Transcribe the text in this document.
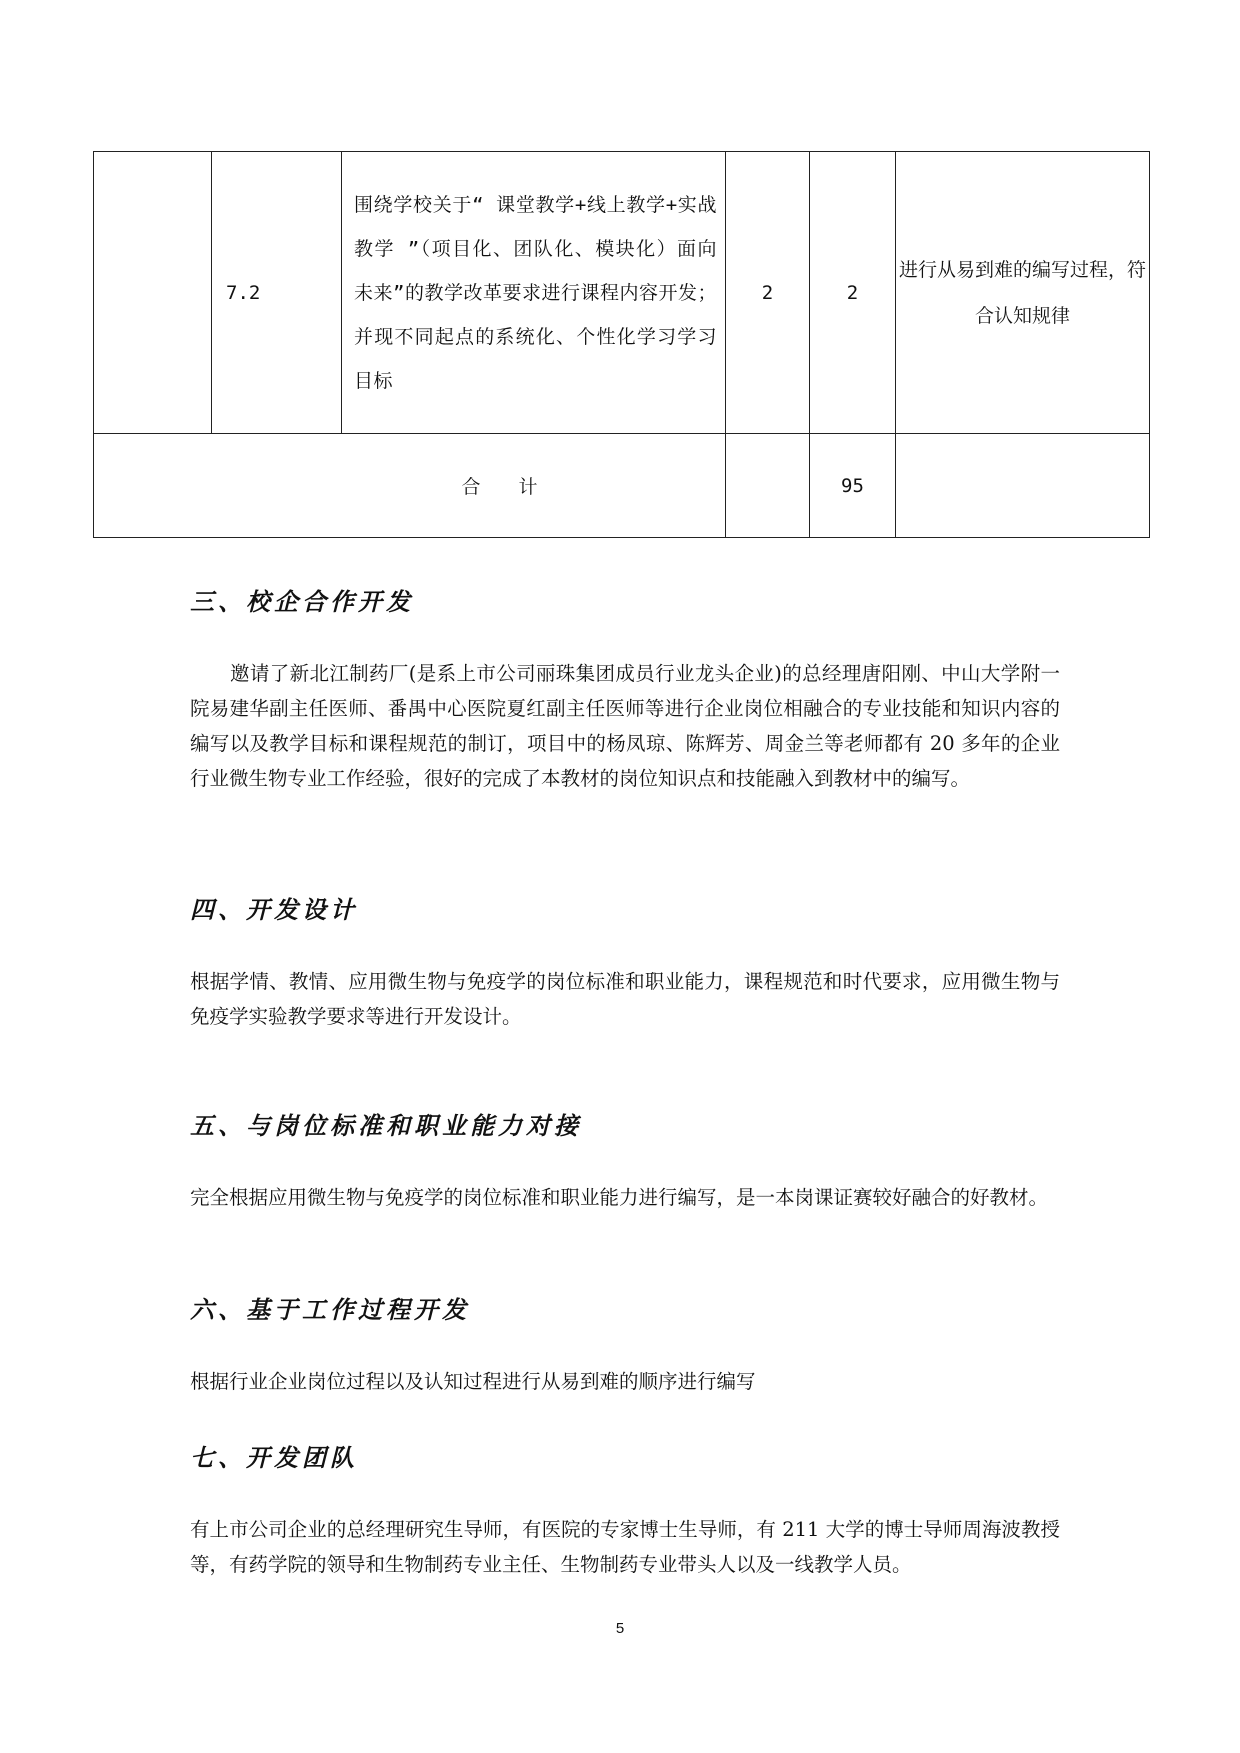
	7.2	围绕学校关于“ 课堂教学+线上教学+实战教学 ”（项目化、团队化、模块化）面向未来”的教学改革要求进行课程内容开发；并现不同起点的系统化、个性化学习学习目标	2	2	进行从易到难的编写过程，符合认知规律
合　　计				95	
三、校企合作开发

邀请了新北江制药厂(是系上市公司丽珠集团成员行业龙头企业)的总经理唐阳刚、中山大学附一院易建华副主任医师、番禺中心医院夏红副主任医师等进行企业岗位相融合的专业技能和知识内容的编写以及教学目标和课程规范的制订，项目中的杨凤琼、陈辉芳、周金兰等老师都有 20 多年的企业行业微生物专业工作经验，很好的完成了本教材的岗位知识点和技能融入到教材中的编写。

四、开发设计

根据学情、教情、应用微生物与免疫学的岗位标准和职业能力，课程规范和时代要求，应用微生物与免疫学实验教学要求等进行开发设计。

五、与岗位标准和职业能力对接

完全根据应用微生物与免疫学的岗位标准和职业能力进行编写，是一本岗课证赛较好融合的好教材。

六、基于工作过程开发

根据行业企业岗位过程以及认知过程进行从易到难的顺序进行编写

七、开发团队

有上市公司企业的总经理研究生导师，有医院的专家博士生导师，有 211 大学的博士导师周海波教授等，有药学院的领导和生物制药专业主任、生物制药专业带头人以及一线教学人员。

5
